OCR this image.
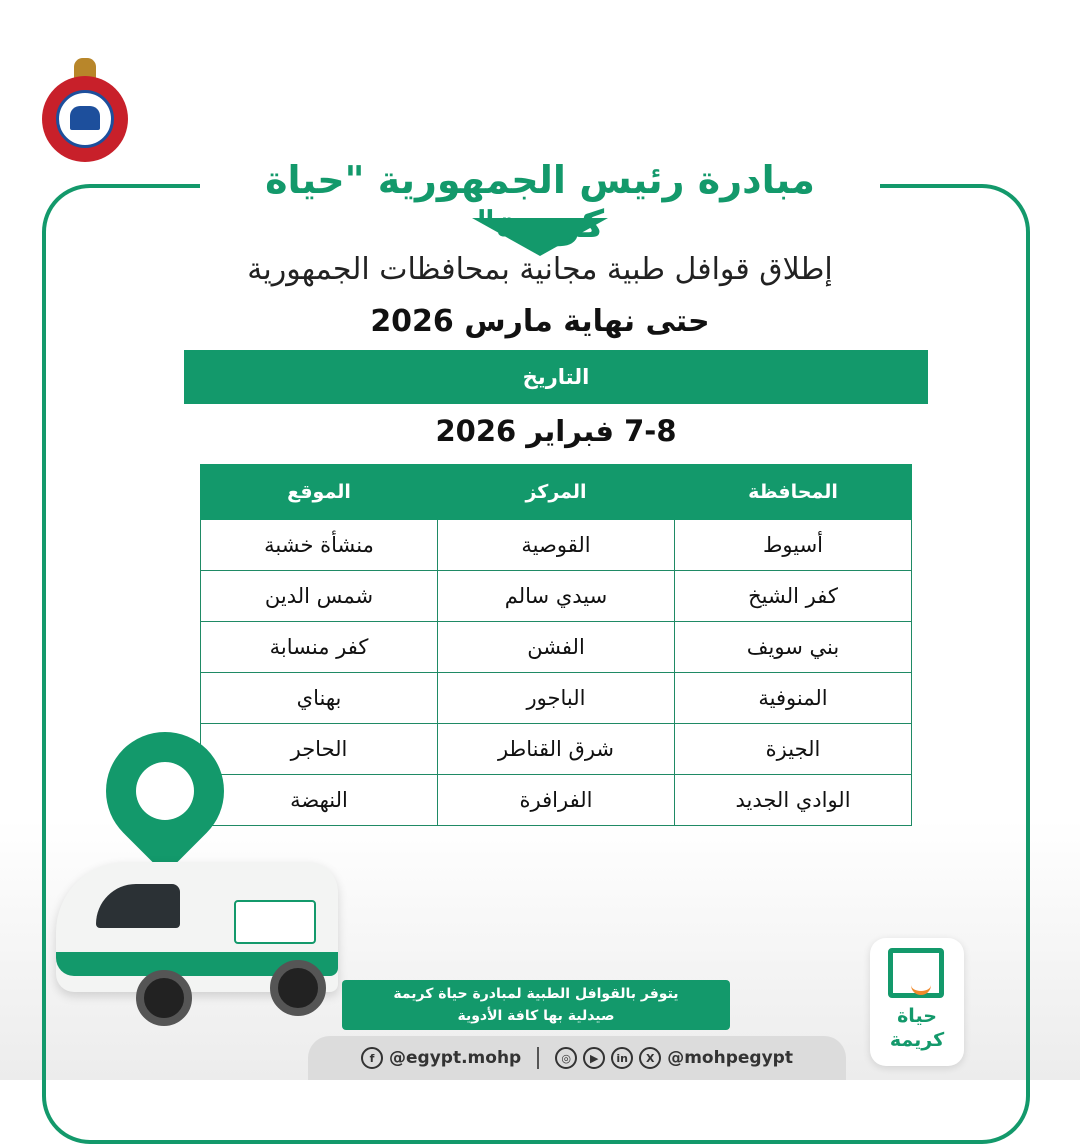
مبادرة رئيس الجمهورية "حياة كريمة"
إطلاق قوافل طبية مجانية بمحافظات الجمهورية
حتى نهاية مارس 2026
التاريخ
7-8 فبراير 2026
المحافظة	المركز	الموقع
أسيوط	القوصية	منشأة خشبة
كفر الشيخ	سيدي سالم	شمس الدين
بني سويف	الفشن	كفر منسابة
المنوفية	الباجور	بهناي
الجيزة	شرق القناطر	الحاجر
الوادي الجديد	الفرافرة	النهضة
يتوفر بالقوافل الطبية لمبادرة حياة كريمة
صيدلية بها كافة الأدوية
f @egypt.mohp	◎	▶	in	X @mohpegypt
حياة
كريمة
